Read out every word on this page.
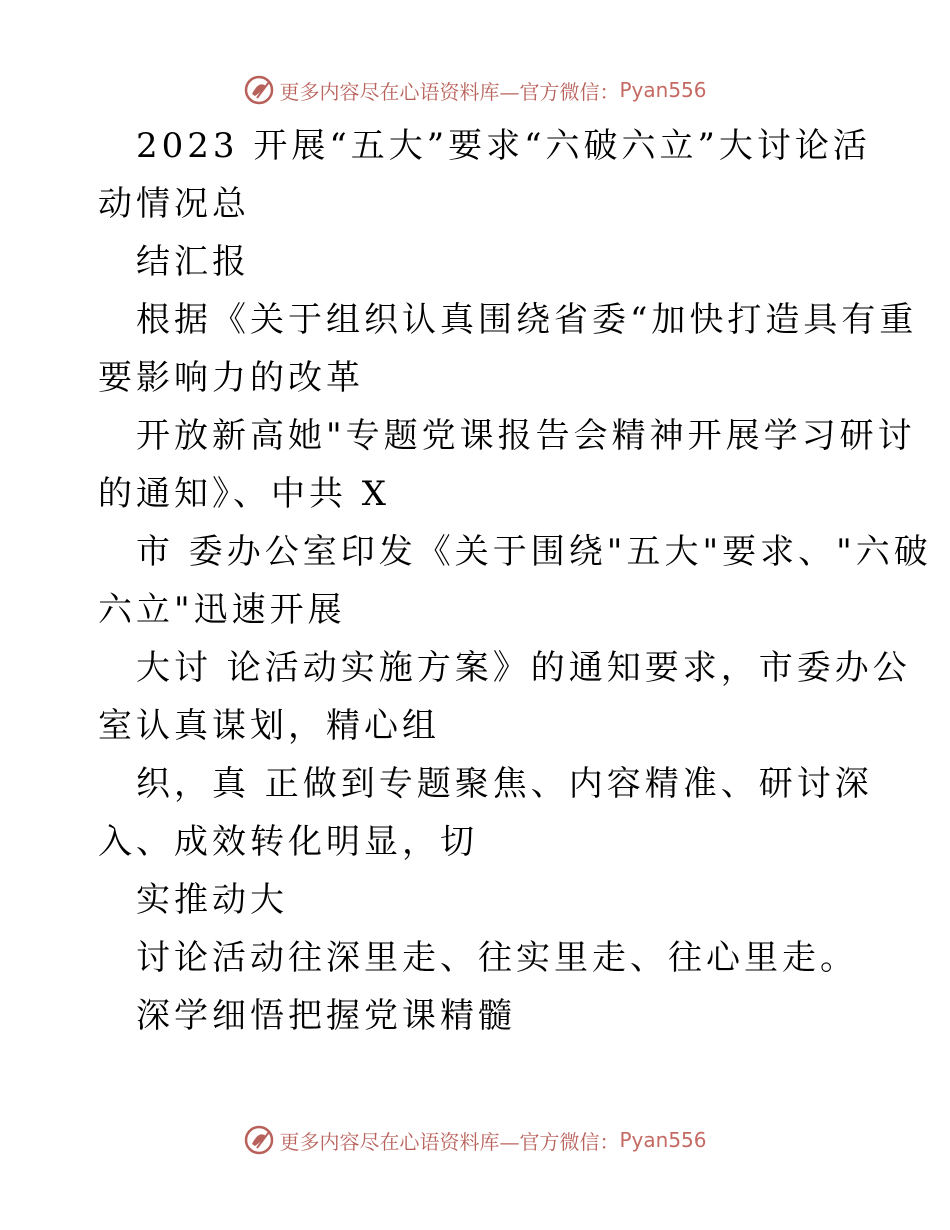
更多内容尽在心语资料库—官方微信： Pyan556
2023 开展“五大”要求“六破六立”大讨论活
动情况总
结汇报
根据《关于组织认真围绕省委“加快打造具有重
要影响力的改革
开放新高她"专题党课报告会精神开展学习研讨
的通知》、中共 X
市 委办公室印发《关于围绕"五大"要求、"六破
六立"迅速开展
大讨 论活动实施方案》的通知要求，市委办公
室认真谋划，精心组
织，真 正做到专题聚焦、内容精准、研讨深
入、成效转化明显，切
实推动大
讨论活动往深里走、往实里走、往心里走。
深学细悟把握党课精髓
更多内容尽在心语资料库—官方微信： Pyan556
